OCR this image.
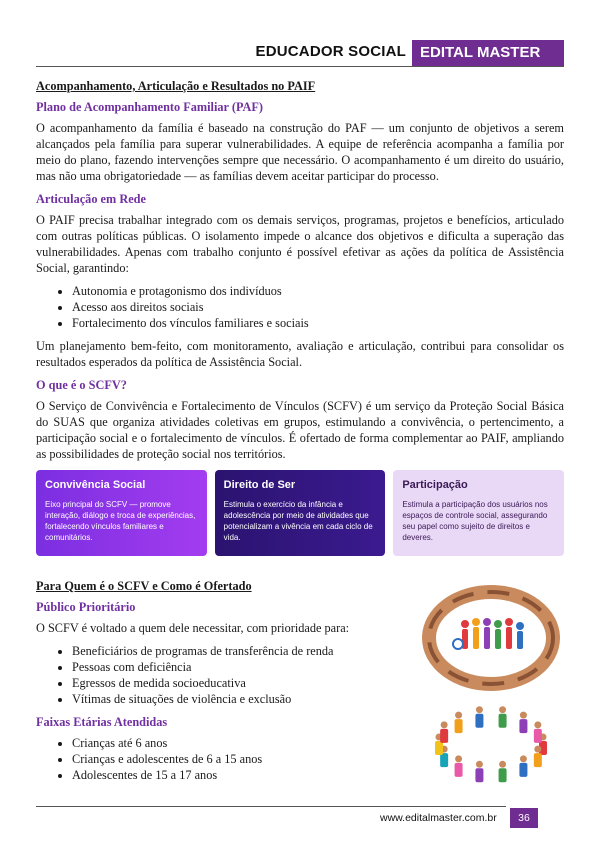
EDUCADOR SOCIAL EDITAL MASTER
Acompanhamento, Articulação e Resultados no PAIF
Plano de Acompanhamento Familiar (PAF)

O acompanhamento da família é baseado na construção do PAF — um conjunto de objetivos a serem alcançados pela família para superar vulnerabilidades. A equipe de referência acompanha a família por meio do plano, fazendo intervenções sempre que necessário. O acompanhamento é um direito do usuário, mas não uma obrigatoriedade — as famílias devem aceitar participar do processo.

Articulação em Rede

O PAIF precisa trabalhar integrado com os demais serviços, programas, projetos e benefícios, articulado com outras políticas públicas. O isolamento impede o alcance dos objetivos e dificulta a superação das vulnerabilidades. Apenas com trabalho conjunto é possível efetivar as ações da política de Assistência Social, garantindo:

• Autonomia e protagonismo dos indivíduos
• Acesso aos direitos sociais
• Fortalecimento dos vínculos familiares e sociais

Um planejamento bem-feito, com monitoramento, avaliação e articulação, contribui para consolidar os resultados esperados da política de Assistência Social.

O que é o SCFV?

O Serviço de Convivência e Fortalecimento de Vínculos (SCFV) é um serviço da Proteção Social Básica do SUAS que organiza atividades coletivas em grupos, estimulando a convivência, o pertencimento, a participação social e o fortalecimento de vínculos. É ofertado de forma complementar ao PAIF, ampliando as possibilidades de proteção social nos territórios.

Convivência Social
Eixo principal do SCFV — promove interação, diálogo e troca de experiências, fortalecendo vínculos familiares e comunitários.
Direito de Ser
Estimula o exercício da infância e adolescência por meio de atividades que potencializam a vivência em cada ciclo de vida.
Participação
Estimula a participação dos usuários nos espaços de controle social, assegurando seu papel como sujeito de direitos e deveres.
Para Quem é o SCFV e Como é Ofertado
Público Prioritário

O SCFV é voltado a quem dele necessitar, com prioridade para:

• Beneficiários de programas de transferência de renda
• Pessoas com deficiência
• Egressos de medida socioeducativa
• Vítimas de situações de violência e exclusão
Faixas Etárias Atendidas
• Crianças até 6 anos
• Crianças e adolescentes de 6 a 15 anos
• Adolescentes de 15 a 17 anos
www.editalmaster.com.br	36
